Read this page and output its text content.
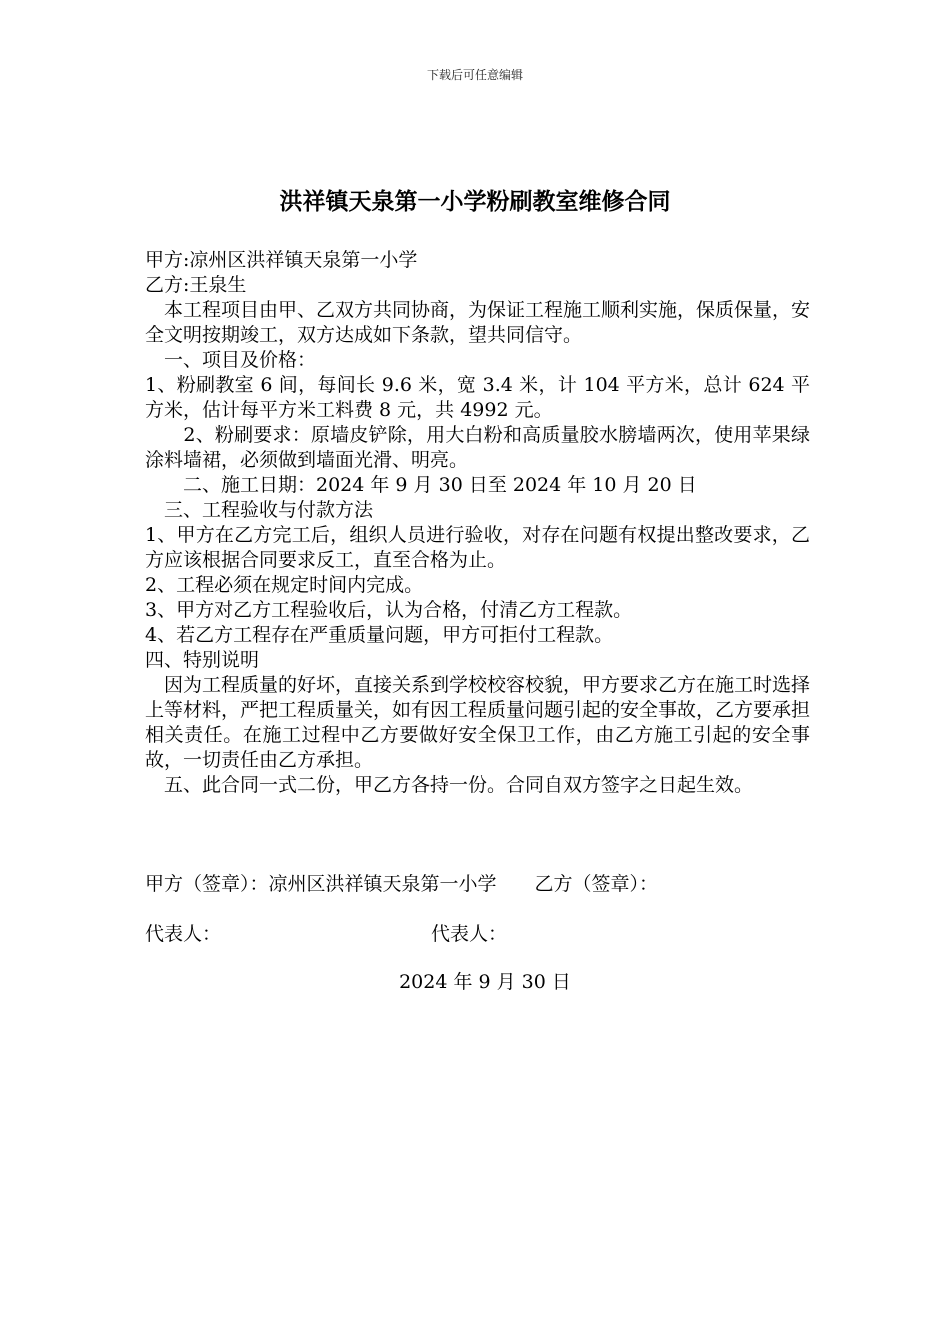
下载后可任意编辑
洪祥镇天泉第一小学粉刷教室维修合同

甲方:凉州区洪祥镇天泉第一小学

乙方:王泉生

　本工程项目由甲、乙双方共同协商，为保证工程施工顺利实施，保质保量，安全文明按期竣工，双方达成如下条款，望共同信守。

　一、项目及价格：

1、粉刷教室 6 间，每间长 9.6 米，宽 3.4 米，计 104 平方米，总计 624 平方米，估计每平方米工料费 8 元，共 4992 元。

　　2、粉刷要求：原墙皮铲除，用大白粉和高质量胶水膀墙两次，使用苹果绿涂料墙裙，必须做到墙面光滑、明亮。

　　二、施工日期：2024 年 9 月 30 日至 2024 年 10 月 20 日

　三、工程验收与付款方法

1、甲方在乙方完工后，组织人员进行验收，对存在问题有权提出整改要求，乙方应该根据合同要求反工，直至合格为止。

2、工程必须在规定时间内完成。

3、甲方对乙方工程验收后，认为合格，付清乙方工程款。

4、若乙方工程存在严重质量问题，甲方可拒付工程款。

四、特别说明

　因为工程质量的好坏，直接关系到学校校容校貌，甲方要求乙方在施工时选择上等材料，严把工程质量关，如有因工程质量问题引起的安全事故，乙方要承担相关责任。在施工过程中乙方要做好安全保卫工作，由乙方施工引起的安全事故，一切责任由乙方承担。

　五、此合同一式二份，甲乙方各持一份。合同自双方签字之日起生效。

甲方（签章）：凉州区洪祥镇天泉第一小学 乙方（签章）：
代表人：	代表人：
2024 年 9 月 30 日
